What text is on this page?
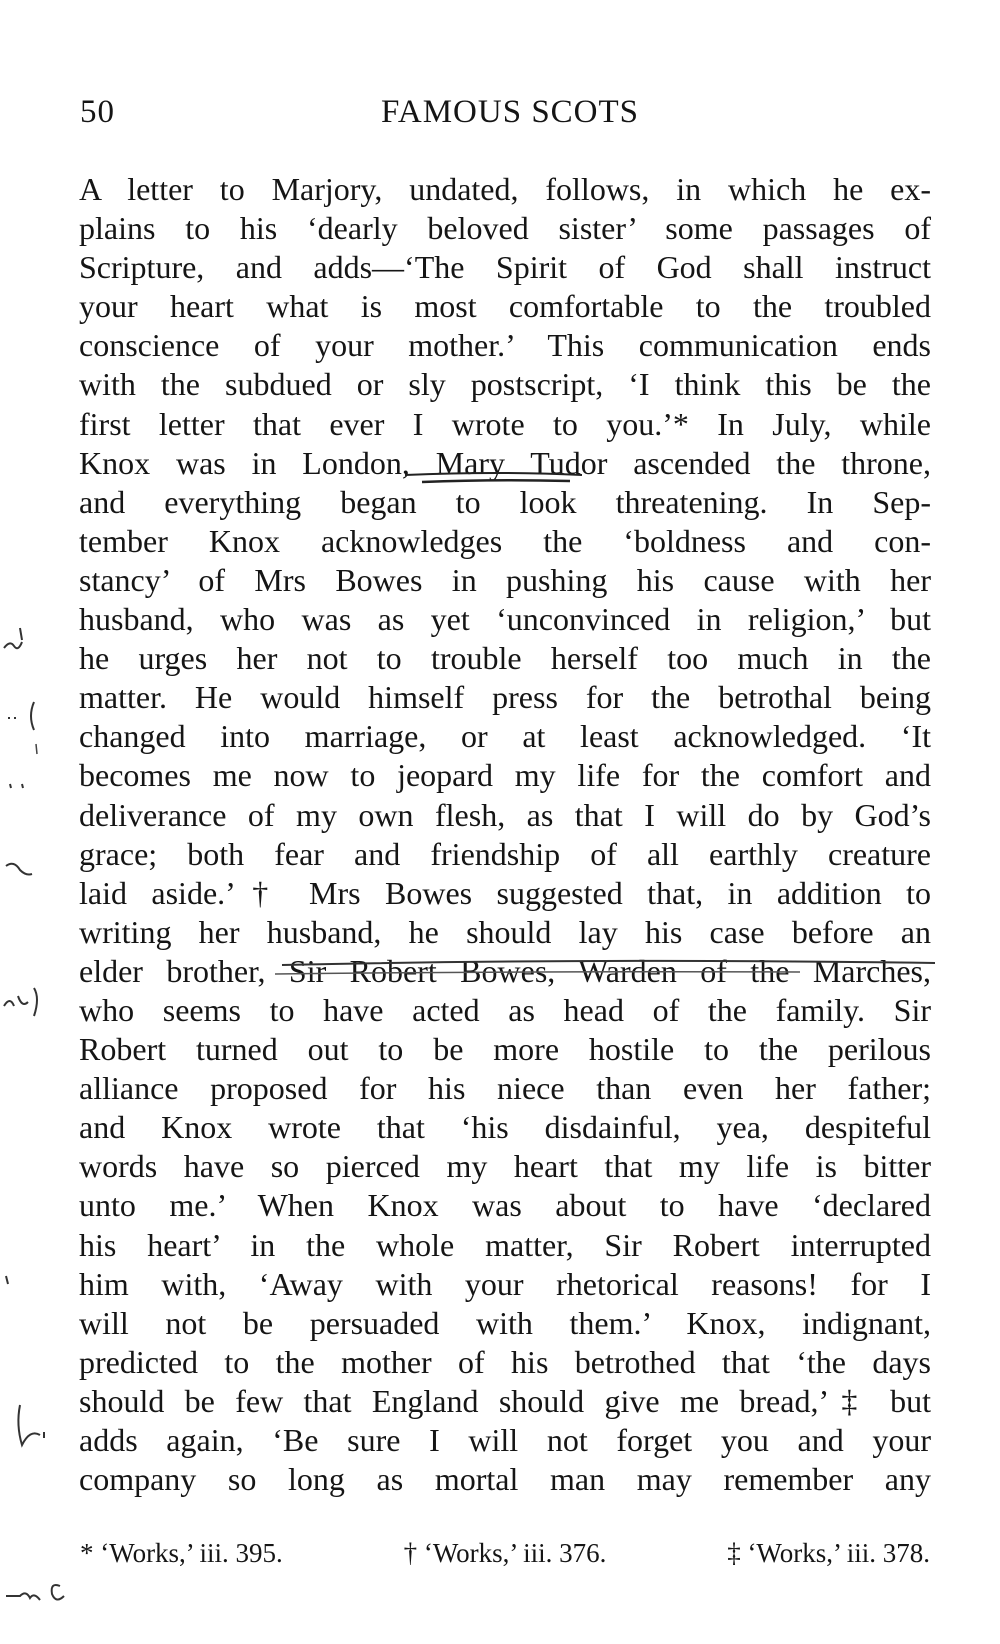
50	FAMOUS SCOTS
A letter to Marjory, undated, follows, in which he ex-
plains to his ‘dearly beloved sister’ some passages of
Scripture, and adds—‘The Spirit of God shall instruct
your heart what is most comfortable to the troubled
conscience of your mother.’ This communication ends
with the subdued or sly postscript, ‘I think this be the
first letter that ever I wrote to you.’* In July, while
Knox was in London, Mary Tudor ascended the throne,
and everything began to look threatening. In Sep-
tember Knox acknowledges the ‘boldness and con-
stancy’ of Mrs Bowes in pushing his cause with her
husband, who was as yet ‘unconvinced in religion,’ but
he urges her not to trouble herself too much in the
matter. He would himself press for the betrothal being
changed into marriage, or at least acknowledged. ‘It
becomes me now to jeopard my life for the comfort and
deliverance of my own flesh, as that I will do by God’s
grace; both fear and friendship of all earthly creature
laid aside.’† Mrs Bowes suggested that, in addition to
writing her husband, he should lay his case before an
elder brother, Sir Robert Bowes, Warden of the Marches,
who seems to have acted as head of the family. Sir
Robert turned out to be more hostile to the perilous
alliance proposed for his niece than even her father;
and Knox wrote that ‘his disdainful, yea, despiteful
words have so pierced my heart that my life is bitter
unto me.’ When Knox was about to have ‘declared
his heart’ in the whole matter, Sir Robert interrupted
him with, ‘Away with your rhetorical reasons! for I
will not be persuaded with them.’ Knox, indignant,
predicted to the mother of his betrothed that ‘the days
should be few that England should give me bread,’‡ but
adds again, ‘Be sure I will not forget you and your
company so long as mortal man may remember any
* ‘Works,’ iii. 395.	† ‘Works,’ iii. 376.	‡ ‘Works,’ iii. 378.
